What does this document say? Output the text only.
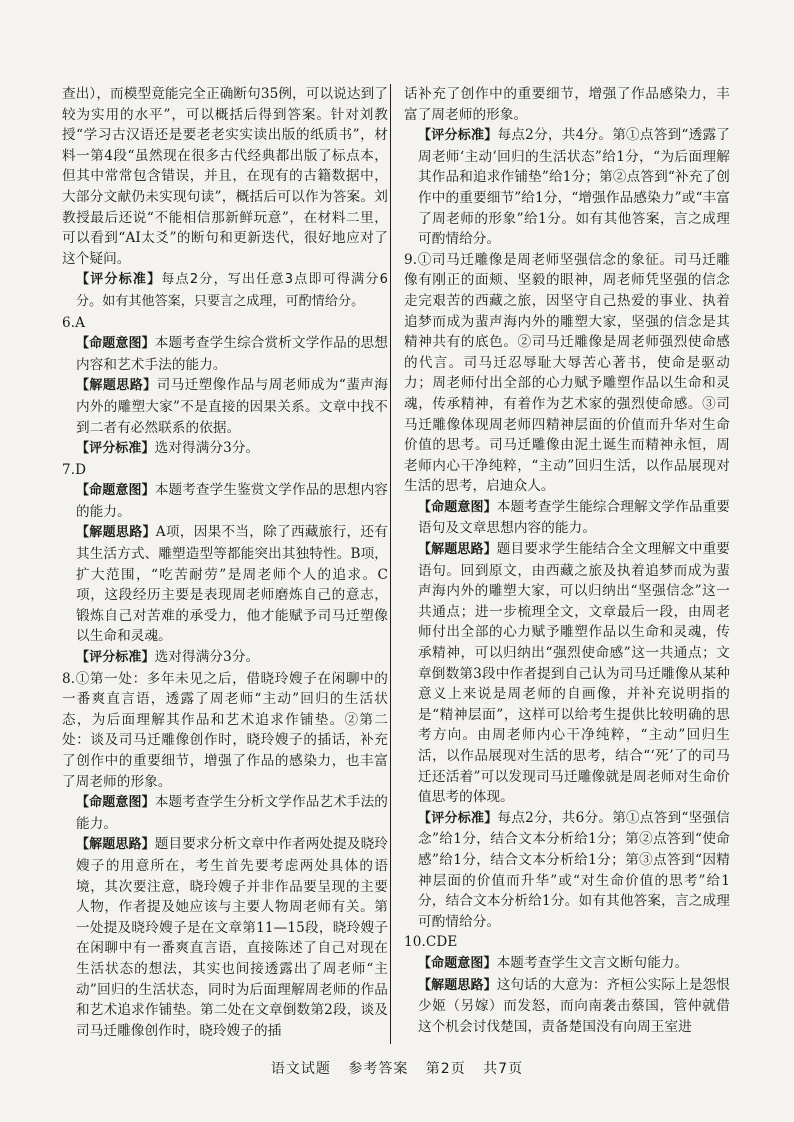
查出），而模型竟能完全正确断句35例，可以说达到了较为实用的水平”，可以概括后得到答案。针对刘教授“学习古汉语还是要老老实实读出版的纸质书”，材料一第4段“虽然现在很多古代经典都出版了标点本，但其中常常包含错误，并且，在现有的古籍数据中，大部分文献仍未实现句读”，概括后可以作为答案。刘教授最后还说“不能相信那新鲜玩意”，在材料二里，可以看到“AI太爻”的断句和更新迭代，很好地应对了这个疑问。

【评分标准】每点2分，写出任意3点即可得满分6分。如有其他答案，只要言之成理，可酌情给分。

6.A

【命题意图】本题考查学生综合赏析文学作品的思想内容和艺术手法的能力。

【解题思路】司马迁塑像作品与周老师成为“蜚声海内外的雕塑大家”不是直接的因果关系。文章中找不到二者有必然联系的依据。

【评分标准】选对得满分3分。

7.D

【命题意图】本题考查学生鉴赏文学作品的思想内容的能力。

【解题思路】A项，因果不当，除了西藏旅行，还有其生活方式、雕塑造型等都能突出其独特性。B项，扩大范围，“吃苦耐劳”是周老师个人的追求。C项，这段经历主要是表现周老师磨炼自己的意志，锻炼自己对苦难的承受力，他才能赋予司马迁塑像以生命和灵魂。

【评分标准】选对得满分3分。

8.①第一处：多年未见之后，借晓玲嫂子在闲聊中的一番爽直言语，透露了周老师“主动”回归的生活状态，为后面理解其作品和艺术追求作铺垫。②第二处：谈及司马迁雕像创作时，晓玲嫂子的插话，补充了创作中的重要细节，增强了作品的感染力，也丰富了周老师的形象。

【命题意图】本题考查学生分析文学作品艺术手法的能力。

【解题思路】题目要求分析文章中作者两处提及晓玲嫂子的用意所在，考生首先要考虑两处具体的语境，其次要注意，晓玲嫂子并非作品要呈现的主要人物，作者提及她应该与主要人物周老师有关。第一处提及晓玲嫂子是在文章第11—15段，晓玲嫂子在闲聊中有一番爽直言语，直接陈述了自己对现在生活状态的想法，其实也间接透露出了周老师“主动”回归的生活状态，同时为后面理解周老师的作品和艺术追求作铺垫。第二处在文章倒数第2段，谈及司马迁雕像创作时，晓玲嫂子的插

话补充了创作中的重要细节，增强了作品感染力，丰富了周老师的形象。

【评分标准】每点2分，共4分。第①点答到“透露了周老师‘主动’回归的生活状态”给1分，“为后面理解其作品和追求作铺垫”给1分；第②点答到“补充了创作中的重要细节”给1分，“增强作品感染力”或“丰富了周老师的形象”给1分。如有其他答案，言之成理可酌情给分。

9.①司马迁雕像是周老师坚强信念的象征。司马迁雕像有刚正的面颊、坚毅的眼神，周老师凭坚强的信念走完艰苦的西藏之旅，因坚守自己热爱的事业、执着追梦而成为蜚声海内外的雕塑大家，坚强的信念是其精神共有的底色。②司马迁雕像是周老师强烈使命感的代言。司马迁忍辱耻大辱苦心著书，使命是驱动力；周老师付出全部的心力赋予雕塑作品以生命和灵魂，传承精神，有着作为艺术家的强烈使命感。③司马迁雕像体现周老师四精神层面的价值而升华对生命价值的思考。司马迁雕像由泥土诞生而精神永恒，周老师内心干净纯粹，“主动”回归生活，以作品展现对生活的思考，启迪众人。

【命题意图】本题考查学生能综合理解文学作品重要语句及文章思想内容的能力。

【解题思路】题目要求学生能结合全文理解文中重要语句。回到原文，由西藏之旅及执着追梦而成为蜚声海内外的雕塑大家，可以归纳出“坚强信念”这一共通点；进一步梳理全文，文章最后一段，由周老师付出全部的心力赋予雕塑作品以生命和灵魂，传承精神，可以归纳出“强烈使命感”这一共通点；文章倒数第3段中作者提到自己认为司马迁雕像从某种意义上来说是周老师的自画像，并补充说明指的是“精神层面”，这样可以给考生提供比较明确的思考方向。由周老师内心干净纯粹，“主动”回归生活，以作品展现对生活的思考，结合“‘死’了的司马迁还活着”可以发现司马迁雕像就是周老师对生命价值思考的体现。

【评分标准】每点2分，共6分。第①点答到“坚强信念”给1分，结合文本分析给1分；第②点答到“使命感”给1分，结合文本分析给1分；第③点答到“因精神层面的价值而升华”或“对生命价值的思考”给1分，结合文本分析给1分。如有其他答案，言之成理可酌情给分。

10.CDE

【命题意图】本题考查学生文言文断句能力。

【解题思路】这句话的大意为：齐桓公实际上是怨恨少姬（另嫁）而发怒，而向南袭击蔡国，管仲就借这个机会讨伐楚国，责备楚国没有向周王室进

语文试题 参考答案 第2页 共7页
